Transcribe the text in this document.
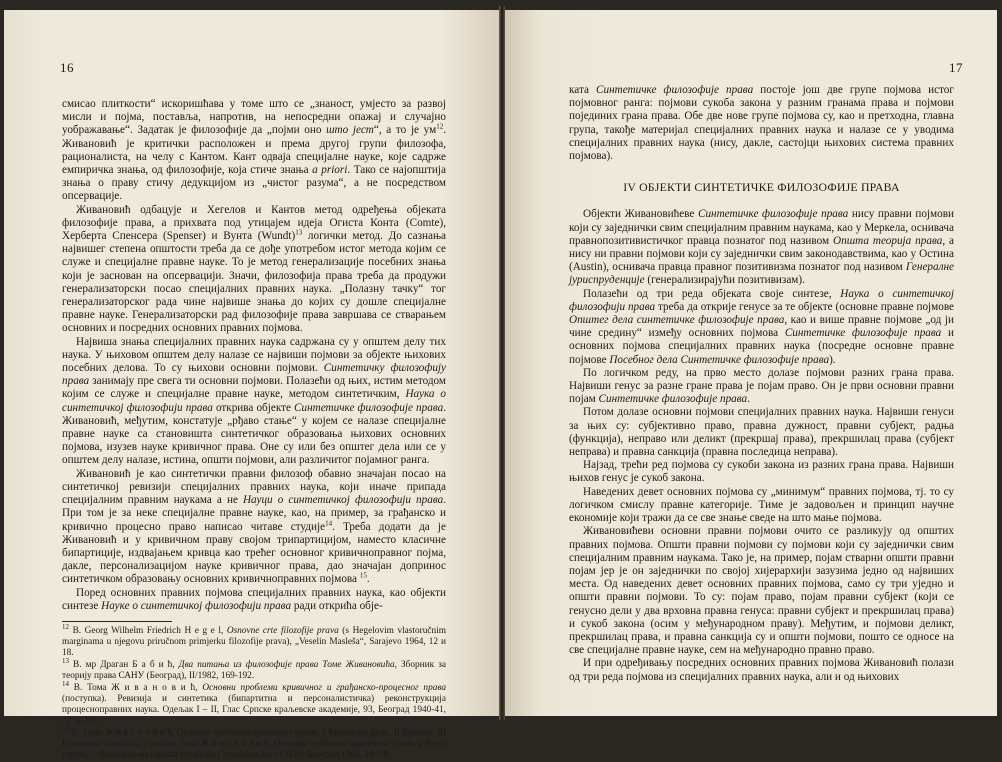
16

смисао плиткости“ искоришћава у томе што се „знаност, умјесто за развој мисли и појма, поставља, напротив, на непосредни опажај и случајно уображавање“. Задатак је филозофије да „појми оно што јест“, а то је $ум^{12}$. Живановић је критички расположен и према другој групи филозофа, рационалиста, на челу с Кантом. Кант одваја специјалне науке, које садрже емпиричка знања, од филозофије, која стиче знања a priori. Тако се најопштија знања о праву стичу дедукцијом из „чистог разума“, а не посредством опсервације.

Живановић одбацује и Хегелов и Кантов метод одређења објеката филозофије права, а прихвата под утицајем идеја Огиста Конта (Comte), Херберта Спенсера (Spenser) и Вунта (Wundt)$^{13}$ логички метод. До сазнања највишег степена општости треба да се дође употребом истог метода којим се служе и специјалне правне науке. То је метод генерализације посебних знања који је заснован на опсервацији. Значи, филозофија права треба да продужи генерализаторски посао специјалних правних наука. „Полазну тачку“ тог генерализаторског рада чине највише знања до којих су дошле специјалне правне науке. Генерализаторски рад филозофије права завршава се стварањем основних и посредних основних правних појмова.

Највиша знања специјалних правних наука садржана су у општем делу тих наука. У њиховом општем делу налазе се највиши појмови за објекте њихових посебних делова. То су њихови основни појмови. Синтетичку филозофију права занимају пре свега ти основни појмови. Полазећи од њих, истим методом којим се служе и специјалне правне науке, методом синтетичким, Наука о синтетичкој филозофији права открива објекте Синтетичке филозофије права. Живановић, међутим, констатује „рђаво стање“ у којем се налазе специјалне правне науке са становишта синтетичког образовања њихових основних појмова, изузев науке кривичног права. Оне су или без општег дела или се у општем делу налазе, истина, општи појмови, али различитог појамног ранга.

Живановић је као синтетички правни филозоф обавио значајан посао на синтетичкој ревизији специјалних правних наука, који иначе припада специјалним правним наукама а не Науци о синтетичкој филозофији права. При том је за неке специјалне правне науке, као, на пример, за грађанско и кривично процесно право написао читаве студије$^{14}$. Треба додати да је Живановић и у кривичном праву својом трипартицијом, наместо класичне бипартиције, издвајањем кривца као трећег основног кривичноправног појма, дакле, персонализацијом науке кривичног права, дао значајан допринос синтетичком образовању основних кривичноправних појмова $^{15}$.

Поред основних правних појмова специјалних правних наука, као објекти синтезе Науке о синтетичкој филозофији права ради открића обје-

$^{12}$ В. Georg Wilhelm Friedrich H e g e l, Osnovne crte filozofije prava (s Hegelovim vlastoručnim marginama u njegovu priručnom primjerku filozofije prava), „Veselin Masleša“, Sarajevo 1964, 12 и 18.

$^{13}$ В. мр Драган Б а б и ћ, Два питања из филозофије права Томе Живановића, Зборник за теорију права САНУ (Београд), II/1982, 169-192.

$^{14}$ В. Тома Ж и в а н о в и ћ, Основни проблеми кривичног и грађанско-процесног права (поступка). Ревизија и синтетика (бипартитна и персоналистичка) реконструкција процесноправних наука. Одељак I – II, Глас Српске краљевске академије, 93, Београд 1940-41, 72. и 267.

$^{15}$ В. Тома Ж и в а н о в и ћ, Основни проблеми кривичног права, I Кривично дело, II Кривац, III Кривична санкција, у књизи Тома Ж и в а н о в и ћ, Основни проблеми кривичног права и друге студије, Новинско-издавачка установа Службени лист СФРЈ, Београд 1986, 29-198.

17

ката Синтетичке филозофије права постоје још две групе појмова истог појмовног ранга: појмови сукоба закона у разним гранама права и појмови појединих грана права. Обе две нове групе појмова су, као и претходна, главна група, такође материјал специјалних правних наука и налазе се у уводима специјалних правних наука (нису, дакле, састојци њихових система правних појмова).

IV ОБЈЕКТИ СИНТЕТИЧКЕ ФИЛОЗОФИЈЕ ПРАВА

Објекти Живановићеве Синтетичке филозофије права нису правни појмови који су заједнички свим специјалним правним наукама, као у Меркела, оснивача правнопозитивистичког правца познатог под називом Општа теорија права, а нису ни правни појмови који су заједнички свим законодавствима, као у Остина (Austin), оснивача правца правног позитивизма познатог под називом Генералне јуриспруденције (генерализирајући позитивизам).

Полазећи од три реда објеката своје синтезе, Наука о синтетичкој филозофији права треба да открије генусе за те објекте (основне правне појмове Општег дела синтетичке филозофије права, као и више правне појмове „од ји чине средину“ између основних појмова Синтетичке филозофије права и основних појмова специјалних правних наука (посредне основне правне појмове Посебног дела Синтетичке филозофије права).

По логичком реду, на прво место долазе појмови разних грана права. Највиши генус за разне гране права је појам право. Он је први основни правни појам Синтетичке филозофије права.

Потом долазе основни појмови специјалних правних наука. Највиши генуси за њих су: субјективно право, правна дужност, правни субјект, радња (функција), неправо или деликт (прекршај права), прекршилац права (субјект неправа) и правна санкција (правна последица неправа).

Најзад, трећи ред појмова су сукоби закона из разних грана права. Највиши њихов генус је сукоб закона.

Наведених девет основних појмова су „минимум“ правних појмова, тј. то су логичком смислу правне категорије. Тиме је задовољен и принцип научне економије који тражи да се све знање сведе на што мање појмова.

Живановићеви основни правни појмови очито се разликују од општих правних појмова. Општи правни појмови су појмови који су заједнички свим специјалним правним наукама. Тако је, на пример, појам стварни општи правни појам јер је он заједнички по својој хијерархији зазузима једно од највиших места. Од наведених девет основних правних појмова, само су три уједно и општи правни појмови. То су: појам право, појам правни субјект (који се генусно дели у два врховна правна генуса: правни субјект и прекршилац права) и сукоб закона (осим у међународном праву). Међутим, и појмови деликт, прекршилац права, и правна санкција су и општи појмови, пошто се односе на све специјалне правне науке, сем на међународно правно право.

И при одређивању посредних основних правних појмова Живановић полази од три реда појмова из специјалних правних наука, али и од њихових
